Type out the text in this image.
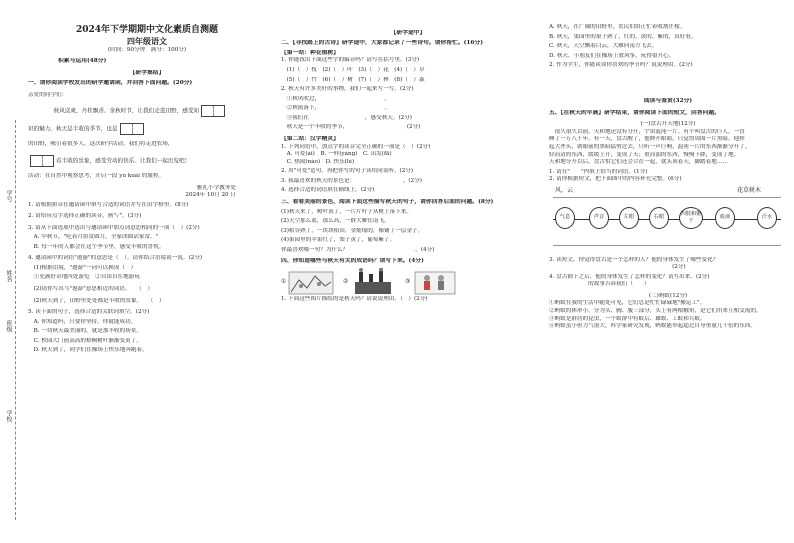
学号
姓名
班级
学校
2024年下学期期中文化素质自测题
四年级语文
(时间：90分钟　满分：100分)
积累与运用(48分)
【研学集结】
一、请你阅读学校发出的研学邀请函，并回答下面问题。(20分)
亲爱的同学们：
　秋风送爽，丹桂飘香。金秋时节，让我们走进田野，感受知
识的魅力。秋天是丰收的季节，也是
的田野，吸引着很多人。这次研学活动，我们将走进农场，
看丰收的景象，感受劳动的快乐。让我们一起出发吧！
活动：在自然中观察思考，开启一段 yú kuài 的旅程。
雅礼小学教务处
2024年 10月 20 日
1. 请根据拼音在邀请函中填写合适的词语并写在田字格里。(8分)
2. 请给带点字选择正确的读音，画"✓"。(3分)
3. 请从下面选项中选出与邀请函中加点词意思相同的一项（　）(2分)
　A. 中秋节，"吃着月饼赏圆月，全家团圆话家常。"
　B. 每一年的人都会在这个季节里，感受丰收的喜悦。
4. 邀请函中的词语"遨游"的意思是（　）。请你结合语境说一说。(2分)
　(1)根据语境，"遨游"一词可以换成（　）
　①充满好奇地四处游览　②自由自在地游玩
　(2)请你写出与"遨游"意思相近的词语。　　（　）
　(2)秋天到了，田野里处处都是丰收的景象。　　（　）
5. 读下面的句子，选择合适的关联词填空。(2分)
　A. 你知道吗，只要你坚持，你就能成功。
　B. 一切秋天最美丽的，就是那丰收的场景。
　C. 校园大门前高高的梧桐树叶渐渐变黄了。
　D. 秋天到了，同学们在操场上快乐地奔跑着。
【研学途中】
二、【寻找路上的古诗】研学途中，大家都记录了一些诗句。请你帮忙。(16分)
【第一站：种花植树】
1. 你能找出下面这些字的偏旁吗？请写在括号里。(3分)
　(1)（　）枝　(2)（　）叶　(3)（　）花　(4)（　）草
　(5)（　）竹　(6)（　）树　(7)（　）林　(8)（　）森
2. 秋天有许多美好的事物，我们一起来写一写。(2分)
　①秋风吹过，　　　　　　　　　　　　。
　②秋雨落下，　　　　　　　　　　　　。
　③我们在　　　　　　　　　　，感受秋天。(2分)
　秋天是一个丰收的季节，　　　　　　　　　　　(2分)
【第二站：汉字精灵】
1. 下列词语中，加点字的读音完全正确的一项是（　）(2分)
　A. 可爱(ài)　B. 一样(yàng)　C. 出发(fā)
　C. 热闹(nào)　D. 快乐(lè)
2. 用"可爱"造句，再把你写的句子读给同桌听。(2分)
3. 我最喜欢的秋天的景色是：　　　　　　　　　。(2分)
4. 选择合适的词语填在横线上。(2分)
三、看看美丽的景色，阅读下面这些描写秋天的句子，请你回答后面的问题。(8分)
(1)秋天来了，树叶黄了，一片片叶子从树上落下来。
(2)天空那么蓝，那么高，一群大雁往南飞。
(3)稻谷熟了，一块块稻田，金灿灿的，像铺了一层金子。
(4)果园里的苹果红了，梨子黄了，葡萄紫了。
你最喜欢哪一句？为什么？　　　　　　　　　　　　。(4分)
四、你知道哪些与秋天有关的成语吗？请写下来。(4分)
①	②	③
1. 下面这些图片描绘的是秋天吗？请说说理由。（　）(2分)
A. 秋天，在广阔的田野里，农民伯伯正忙着收割庄稼。
B. 秋天，果园里的果子熟了，红的、黄的、紫的，真好看。
C. 秋天，天空飘着白云，大雁向南方飞去。
D. 秋天，小朋友们在操场上放风筝，玩得很开心。
2. 作为学生，你能谈谈你喜欢的季节吗？说说理由。(2分)
阅读与鉴赏(32分)
五、【在秋天的早晨】研学结束，请你阅读下面的短文，回答问题。
(一)盘古开天地(12分)
　很久很久以前，天和地还没有分开，宇宙混沌一片。有个叫盘古的巨人，一直
睡了一万八千年。有一天，盘古醒了，他睁开眼睛，只觉得周围一片黑暗。他挥
起大斧头，朝眼前的黑暗猛劈过去。只听一声巨响，混沌一片的东西渐渐分开了。
轻而清的东西，缓缓上升，变成了天；重而浊的东西，慢慢下降，变成了地。
天和地分开以后，盘古怕它们还会合在一起，就头顶着天，脚踏着地……
1. 请在"　　"内填上恰当的词语。(1分)
2. 请你根据短文，把下面图中的内容补充完整。(6分)
风、云	花草树木
气息	声音	左眼	右眼
四肢和躯干
血液	汗水
3. 读短文，你觉得盘古是一个怎样的人？他的身体发生了哪些变化？　　　　
　　　　　　　　　　　　　　　　　　　　　　(2分)
4. 盘古倒下之后，他的身体发生了怎样的变化？请写出来。(2分)
　　　　　　　的故事告诉我们（　　）
(二)蚂蚁(12分)
①蚂蚁在我的生活中随处可见，它们总是忙忙碌碌地"搬运工"。
②蚂蚁的体形小，分为头、胸、腹三部分，头上有两根触角，是它们用来互相交流的。
③蚂蚁是群居的昆虫，一个蚁群中有蚁后、雄蚁、工蚁和兵蚁。
④蚂蚁虽小但力气很大，科学家研究发现，蚂蚁能举起超过自身重量几十倍的东西。
